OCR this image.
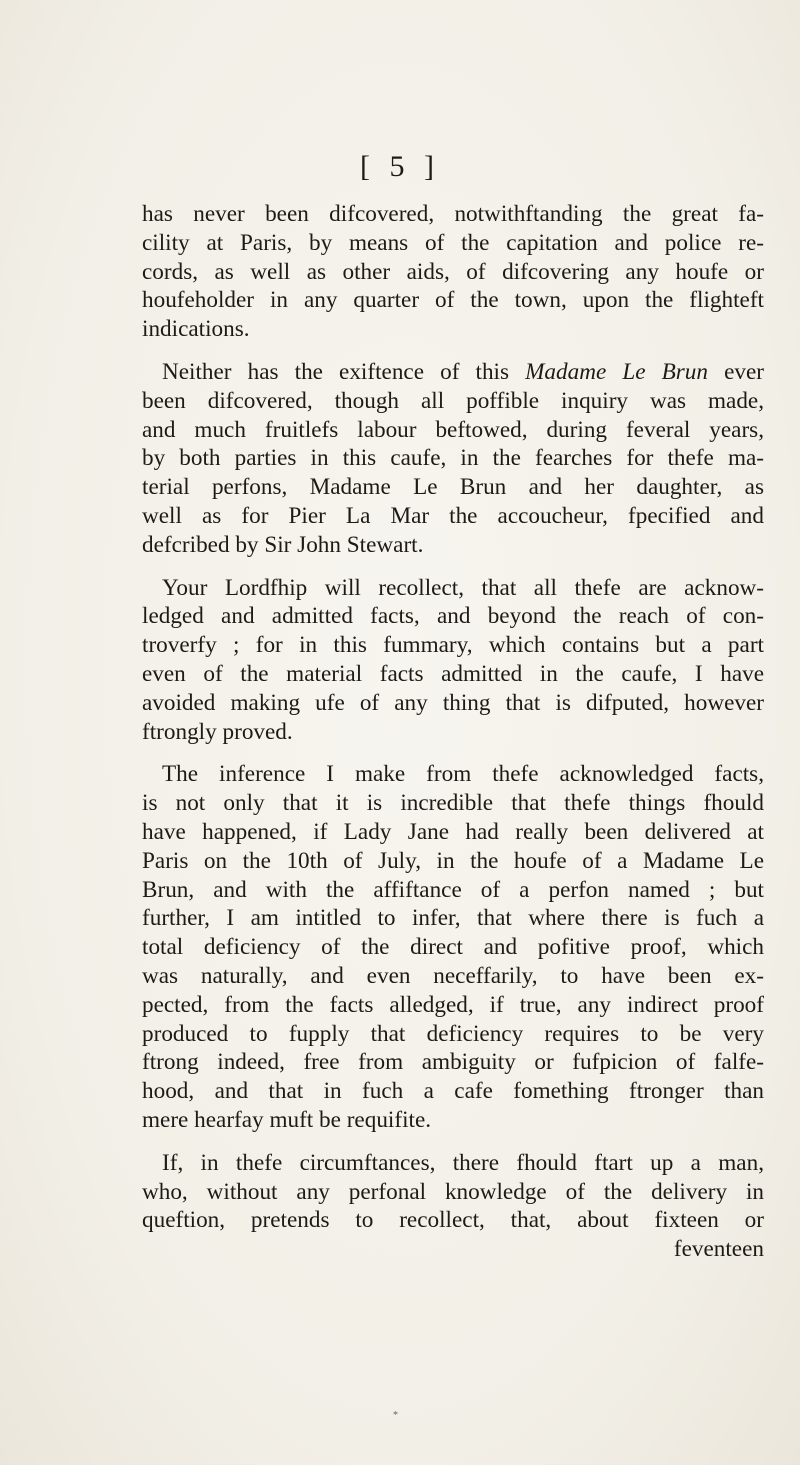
[ 5 ]
has never been difcovered, notwithftanding the great fa-
cility at Paris, by means of the capitation and police re-
cords, as well as other aids, of difcovering any houfe or
houfeholder in any quarter of the town, upon the flighteft
indications.
Neither has the exiftence of this Madame Le Brun ever
been difcovered, though all poffible inquiry was made,
and much fruitlefs labour beftowed, during feveral years,
by both parties in this caufe, in the fearches for thefe ma-
terial perfons, Madame Le Brun and her daughter, as
well as for Pier La Mar the accoucheur, fpecified and
defcribed by Sir John Stewart.
Your Lordfhip will recollect, that all thefe are acknow-
ledged and admitted facts, and beyond the reach of con-
troverfy ; for in this fummary, which contains but a part
even of the material facts admitted in the caufe, I have
avoided making ufe of any thing that is difputed, however
ftrongly proved.
The inference I make from thefe acknowledged facts,
is not only that it is incredible that thefe things fhould
have happened, if Lady Jane had really been delivered at
Paris on the 10th of July, in the houfe of a Madame Le
Brun, and with the affiftance of a perfon named ; but
further, I am intitled to infer, that where there is fuch a
total deficiency of the direct and pofitive proof, which
was naturally, and even neceffarily, to have been ex-
pected, from the facts alledged, if true, any indirect proof
produced to fupply that deficiency requires to be very
ftrong indeed, free from ambiguity or fufpicion of falfe-
hood, and that in fuch a cafe fomething ftronger than
mere hearfay muft be requifite.
If, in thefe circumftances, there fhould ftart up a man,
who, without any perfonal knowledge of the delivery in
queftion, pretends to recollect, that, about fixteen or
feventeen
*
